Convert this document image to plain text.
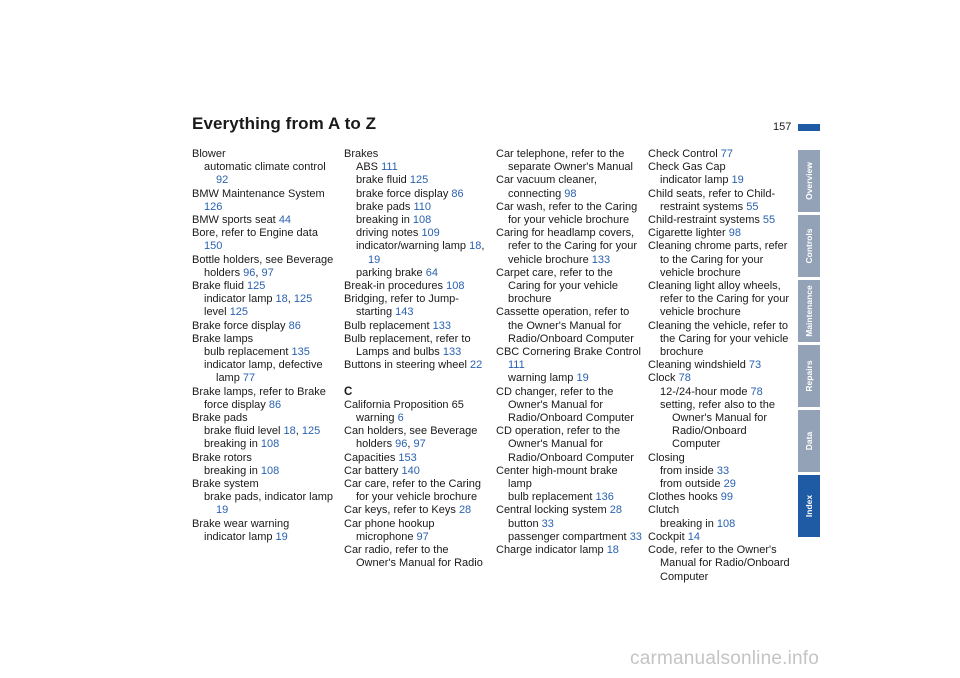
Everything from A to Z	157
Blower
automatic climate control 92
BMW Maintenance System 126
BMW sports seat 44
Bore, refer to Engine data 150
Bottle holders, see Beverage holders 96, 97
Brake fluid 125
indicator lamp 18, 125
level 125
Brake force display 86
Brake lamps
bulb replacement 135
indicator lamp, defective lamp 77
Brake lamps, refer to Brake force display 86
Brake pads
brake fluid level 18, 125
breaking in 108
Brake rotors
breaking in 108
Brake system
brake pads, indicator lamp 19
Brake wear warning
indicator lamp 19
Brakes
ABS 111
brake fluid 125
brake force display 86
brake pads 110
breaking in 108
driving notes 109
indicator/warning lamp 18, 19
parking brake 64
Break-in procedures 108
Bridging, refer to Jump-starting 143
Bulb replacement 133
Bulb replacement, refer to Lamps and bulbs 133
Buttons in steering wheel 22
C
California Proposition 65 warning 6
Can holders, see Beverage holders 96, 97
Capacities 153
Car battery 140
Car care, refer to the Caring for your vehicle brochure
Car keys, refer to Keys 28
Car phone hookup microphone 97
Car radio, refer to the Owner's Manual for Radio
Car telephone, refer to the separate Owner's Manual
Car vacuum cleaner, connecting 98
Car wash, refer to the Caring for your vehicle brochure
Caring for headlamp covers, refer to the Caring for your vehicle brochure 133
Carpet care, refer to the Caring for your vehicle brochure
Cassette operation, refer to the Owner's Manual for Radio/Onboard Computer
CBC Cornering Brake Control 111
warning lamp 19
CD changer, refer to the Owner's Manual for Radio/Onboard Computer
CD operation, refer to the Owner's Manual for Radio/Onboard Computer
Center high-mount brake lamp
bulb replacement 136
Central locking system 28
button 33
passenger compartment 33
Charge indicator lamp 18
Check Control 77
Check Gas Cap
indicator lamp 19
Child seats, refer to Child-restraint systems 55
Child-restraint systems 55
Cigarette lighter 98
Cleaning chrome parts, refer to the Caring for your vehicle brochure
Cleaning light alloy wheels, refer to the Caring for your vehicle brochure
Cleaning the vehicle, refer to the Caring for your vehicle brochure
Cleaning windshield 73
Clock 78
12-/24-hour mode 78
setting, refer also to the Owner's Manual for Radio/Onboard Computer
Closing
from inside 33
from outside 29
Clothes hooks 99
Clutch
breaking in 108
Cockpit 14
Code, refer to the Owner's Manual for Radio/Onboard Computer
Overview
Controls
Maintenance
Repairs
Data
Index
carmanualsonline.info
